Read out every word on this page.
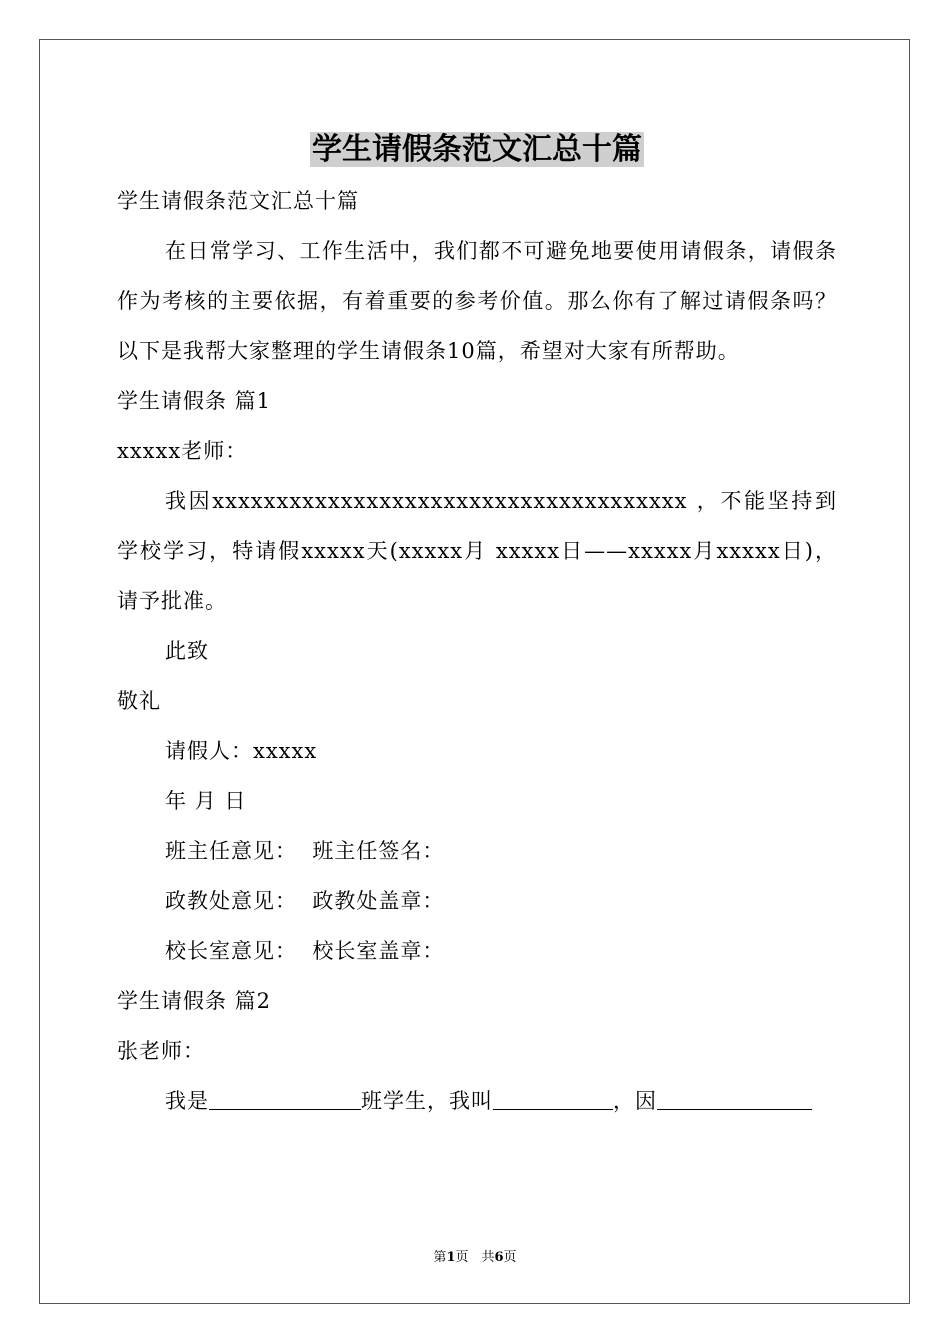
学生请假条范文汇总十篇

学生请假条范文汇总十篇

在日常学习、工作生活中，我们都不可避免地要使用请假条，请假条作为考核的主要依据，有着重要的参考价值。那么你有了解过请假条吗？以下是我帮大家整理的学生请假条10篇，希望对大家有所帮助。

学生请假条 篇1

xxxxx老师：

我因xxxxxxxxxxxxxxxxxxxxxxxxxxxxxxxxxxxxx ，不能坚持到学校学习，特请假xxxxx天(xxxxx月 xxxxx日——xxxxx月xxxxx日)，请予批准。

此致

敬礼

请假人：xxxxx

年 月 日

班主任意见：  班主任签名：

政教处意见：  政教处盖章：

校长室意见：  校长室盖章：

学生请假条 篇2

张老师：

我是	班学生，我叫	，因

第1页　共6页
